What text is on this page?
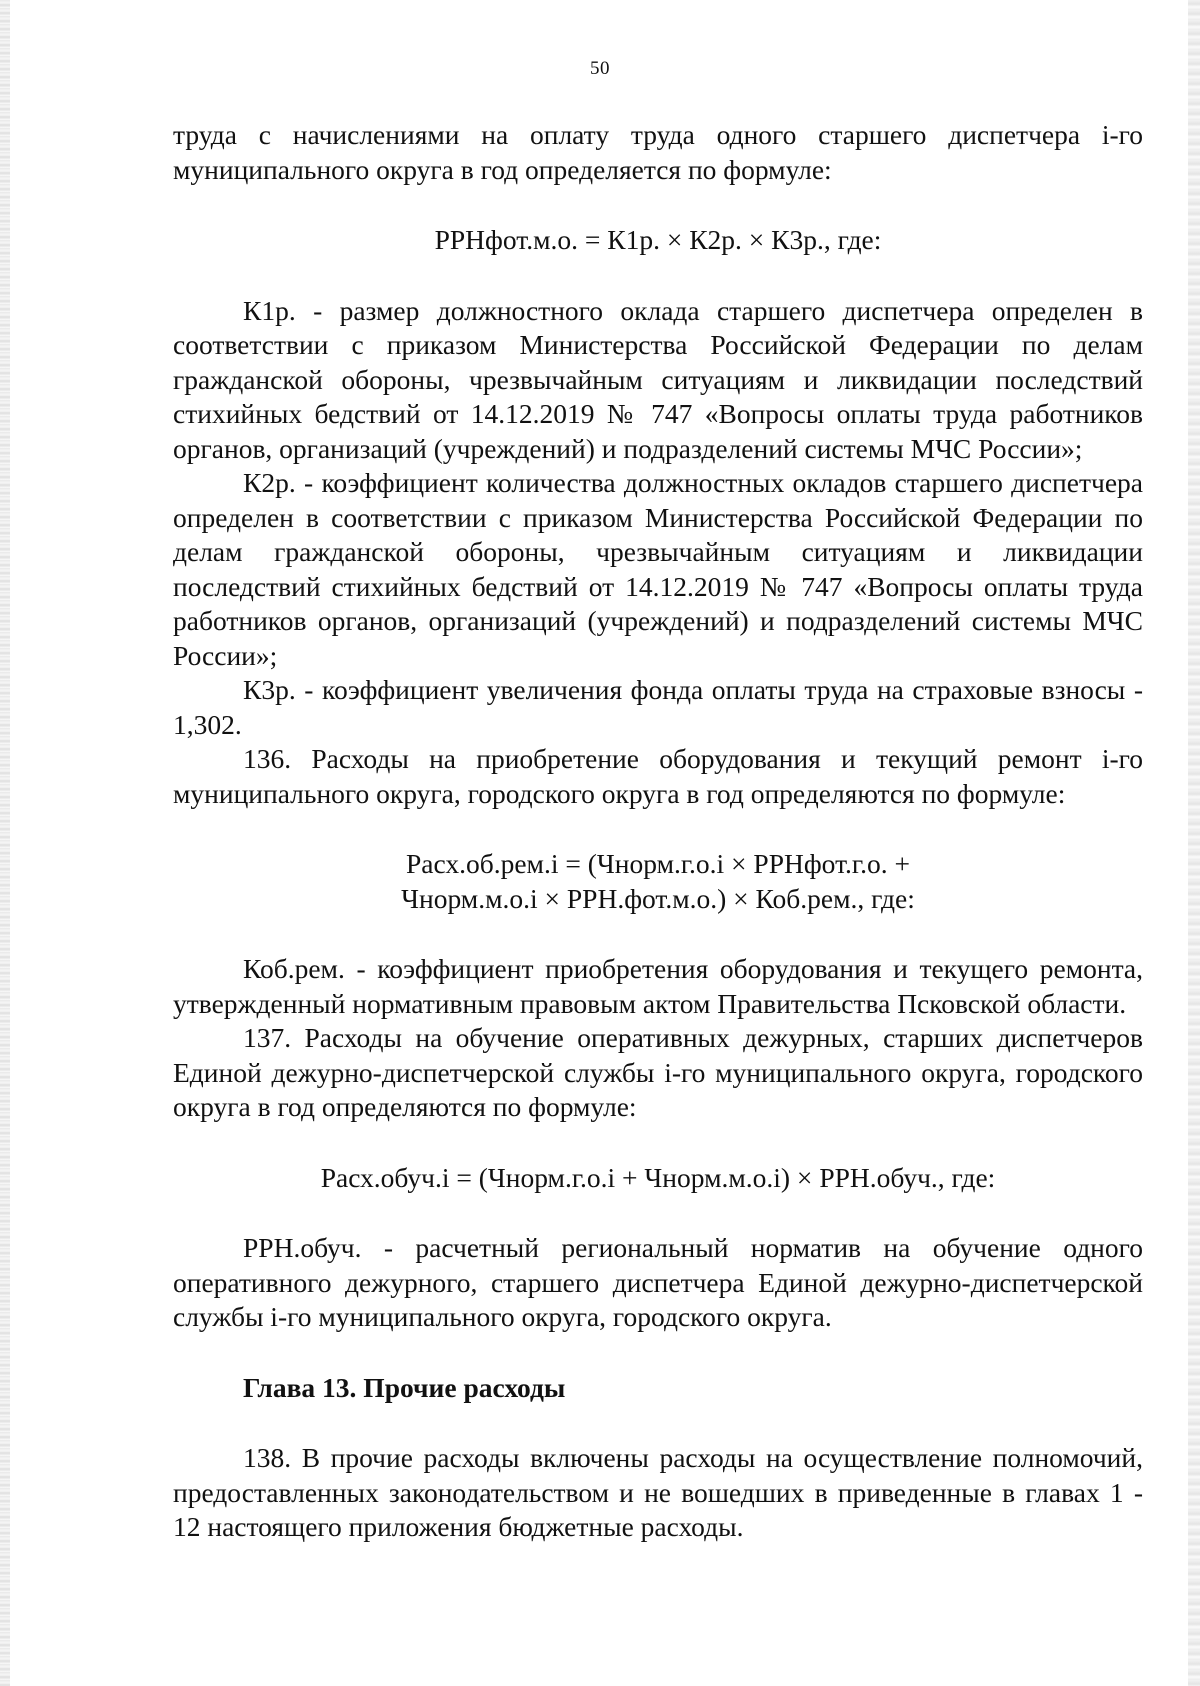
50

труда с начислениями на оплату труда одного старшего диспетчера i-го муниципального округа в год определяется по формуле:

РРНфот.м.о. = К1р. × К2р. × К3р., где:

К1р. - размер должностного оклада старшего диспетчера определен в соответствии с приказом Министерства Российской Федерации по делам гражданской обороны, чрезвычайным ситуациям и ликвидации последствий стихийных бедствий от 14.12.2019 № 747 «Вопросы оплаты труда работников органов, организаций (учреждений) и подразделений системы МЧС России»;

К2р. - коэффициент количества должностных окладов старшего диспетчера определен в соответствии с приказом Министерства Российской Федерации по делам гражданской обороны, чрезвычайным ситуациям и ликвидации последствий стихийных бедствий от 14.12.2019 № 747 «Вопросы оплаты труда работников органов, организаций (учреждений) и подразделений системы МЧС России»;

К3р. - коэффициент увеличения фонда оплаты труда на страховые взносы - 1,302.

136. Расходы на приобретение оборудования и текущий ремонт i-го муниципального округа, городского округа в год определяются по формуле:

Расх.об.рем.i = (Чнорм.г.о.i × РРНфот.г.о. +

Чнорм.м.о.i × РРН.фот.м.о.) × Коб.рем., где:

Коб.рем. - коэффициент приобретения оборудования и текущего ремонта, утвержденный нормативным правовым актом Правительства Псковской области.

137. Расходы на обучение оперативных дежурных, старших диспетчеров Единой дежурно-диспетчерской службы i-го муниципального округа, городского округа в год определяются по формуле:

Расх.обуч.i = (Чнорм.г.о.i + Чнорм.м.о.i) × РРН.обуч., где:

РРН.обуч. - расчетный региональный норматив на обучение одного оперативного дежурного, старшего диспетчера Единой дежурно-диспетчерской службы i-го муниципального округа, городского округа.

Глава 13. Прочие расходы

138. В прочие расходы включены расходы на осуществление полномочий, предоставленных законодательством и не вошедших в приведенные в главах 1 - 12 настоящего приложения бюджетные расходы.
